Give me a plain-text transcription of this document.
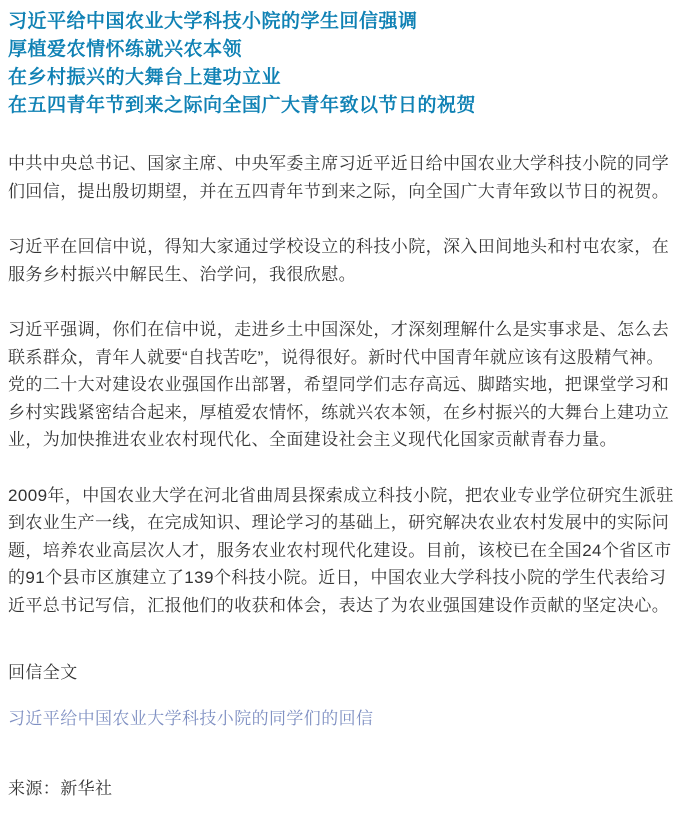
习近平给中国农业大学科技小院的学生回信强调
厚植爱农情怀练就兴农本领
在乡村振兴的大舞台上建功立业
在五四青年节到来之际向全国广大青年致以节日的祝贺

中共中央总书记、国家主席、中央军委主席习近平近日给中国农业大学科技小院的同学们回信，提出殷切期望，并在五四青年节到来之际，向全国广大青年致以节日的祝贺。

习近平在回信中说，得知大家通过学校设立的科技小院，深入田间地头和村屯农家，在服务乡村振兴中解民生、治学问，我很欣慰。

习近平强调，你们在信中说，走进乡土中国深处，才深刻理解什么是实事求是、怎么去联系群众，青年人就要“自找苦吃”，说得很好。新时代中国青年就应该有这股精气神。党的二十大对建设农业强国作出部署，希望同学们志存高远、脚踏实地，把课堂学习和乡村实践紧密结合起来，厚植爱农情怀，练就兴农本领，在乡村振兴的大舞台上建功立业，为加快推进农业农村现代化、全面建设社会主义现代化国家贡献青春力量。

2009年，中国农业大学在河北省曲周县探索成立科技小院，把农业专业学位研究生派驻到农业生产一线，在完成知识、理论学习的基础上，研究解决农业农村发展中的实际问题，培养农业高层次人才，服务农业农村现代化建设。目前，该校已在全国24个省区市的91个县市区旗建立了139个科技小院。近日，中国农业大学科技小院的学生代表给习近平总书记写信，汇报他们的收获和体会，表达了为农业强国建设作贡献的坚定决心。

回信全文
习近平给中国农业大学科技小院的同学们的回信
来源：新华社
